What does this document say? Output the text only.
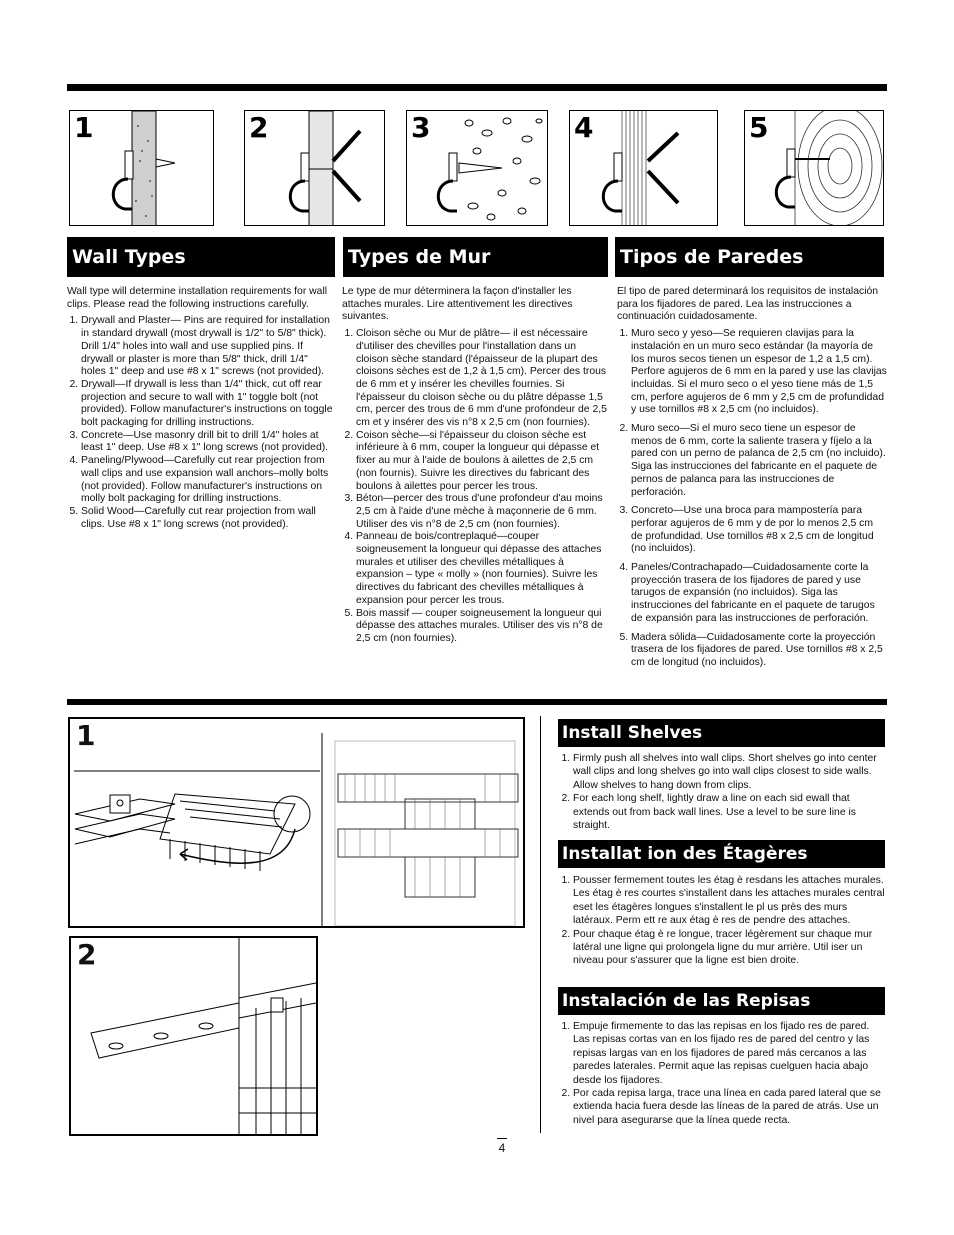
1	2	3	4	5
Wall Types	Types de Mur	Tipos de Paredes

Wall type will determine installation requirements for wall clips. Please read the following instructions carefully.

1. Drywall and Plaster— Pins are required for installation in standard drywall (most drywall is 1/2" to 5/8" thick). Drill 1/4" holes into wall and use supplied pins. If drywall or plaster is more than 5/8" thick, drill 1/4" holes 1" deep and use #8 x 1" screws (not provided).
2. Drywall—If drywall is less than 1/4" thick, cut off rear projection and secure to wall with 1" toggle bolt (not provided). Follow manufacturer's instructions on toggle bolt packaging for drilling instructions.
3. Concrete—Use masonry drill bit to drill 1/4" holes at least 1" deep. Use #8 x 1" long screws (not provided).
4. Paneling/Plywood—Carefully cut rear projection from wall clips and use expansion wall anchors–molly bolts (not provided). Follow manufacturer's instructions on molly bolt packaging for drilling instructions.
5. Solid Wood—Carefully cut rear projection from wall clips. Use #8 x 1" long screws (not provided).

Le type de mur déterminera la façon d'installer les attaches murales. Lire attentivement les directives suivantes.

1. Cloison sèche ou Mur de plâtre— il est nécessaire d'utiliser des chevilles pour l'installation dans un cloison sèche standard (l'épaisseur de la plupart des cloisons sèches est de 1,2 à 1,5 cm). Percer des trous de 6 mm et y insérer les chevilles fournies. Si l'épaisseur du cloison sèche ou du plâtre dépasse 1,5 cm, percer des trous de 6 mm d'une profondeur de 2,5 cm et y insérer des vis n°8 x 2,5 cm (non fournies).
2. Coison sèche—si l'épaisseur du cloison sèche est inférieure à 6 mm, couper la longueur qui dépasse et fixer au mur à l'aide de boulons à ailettes de 2,5 cm (non fournis). Suivre les directives du fabricant des boulons à ailettes pour percer les trous.
3. Béton—percer des trous d'une profondeur d'au moins 2,5 cm à l'aide d'une mèche à maçonnerie de 6 mm. Utiliser des vis n°8 de 2,5 cm (non fournies).
4. Panneau de bois/contreplaqué—couper soigneusement la longueur qui dépasse des attaches murales et utiliser des chevilles métalliques à expansion – type « molly » (non fournies). Suivre les directives du fabricant des chevilles métalliques à expansion pour percer les trous.
5. Bois massif — couper soigneusement la longueur qui dépasse des attaches murales. Utiliser des vis n°8 de 2,5 cm (non fournies).

El tipo de pared determinará los requisitos de instalación para los fijadores de pared. Lea las instrucciones a continuación cuidadosamente.

1. Muro seco y yeso—Se requieren clavijas para la instalación en un muro seco estándar (la mayoría de los muros secos tienen un espesor de 1,2 a 1,5 cm). Perfore agujeros de 6 mm en la pared y use las clavijas incluidas. Si el muro seco o el yeso tiene más de 1,5 cm, perfore agujeros de 6 mm y 2,5 cm de profundidad y use tornillos #8 x 2,5 cm (no incluidos).
2. Muro seco—Si el muro seco tiene un espesor de menos de 6 mm, corte la saliente trasera y fíjelo a la pared con un perno de palanca de 2,5 cm (no incluido). Siga las instrucciones del fabricante en el paquete de pernos de palanca para las instrucciones de perforación.
3. Concreto—Use una broca para mampostería para perforar agujeros de 6 mm y de por lo menos 2,5 cm de profundidad. Use tornillos #8 x 2,5 cm de longitud (no incluidos).
4. Paneles/Contrachapado—Cuidadosamente corte la proyección trasera de los fijadores de pared y use tarugos de expansión (no incluidos). Siga las instrucciones del fabricante en el paquete de tarugos de expansión para las instrucciones de perforación.
5. Madera sólida—Cuidadosamente corte la proyección trasera de los fijadores de pared. Use tornillos #8 x 2,5 cm de longitud (no incluidos).
1
2
Install Shelves
1. Firmly push all shelves into wall clips. Short shelves go into center wall clips and long shelves go into wall clips closest to side walls. Allow shelves to hang down from clips.
2. For each long shelf, lightly draw a line on each sid ewall that extends out from back wall lines. Use a level to be sure line is straight.
Installat ion des Étagères
1. Pousser fermement toutes les étag è resdans les attaches murales. Les étag è res courtes s'installent dans les attaches murales central eset les étagères longues s'installent le pl us près des murs latéraux. Perm ett re aux étag è res de pendre des attaches.
2. Pour chaque étag è re longue, tracer légèrement sur chaque mur latéral une ligne qui prolongela ligne du mur arrière. Util iser un niveau pour s'assurer que la ligne est bien droite.
Instalación de las Repisas
1. Empuje firmemente to das las repisas en los fijado res de pared. Las repisas cortas van en los fijado res de pared del centro y las repisas largas van en los fijadores de pared más cercanos a las paredes laterales. Permit aque las repisas cuelguen hacia abajo desde los fijadores.
2. Por cada repisa larga, trace una línea en cada pared lateral que se extienda hacia fuera desde las líneas de la pared de atrás. Use un nivel para asegurarse que la línea quede recta.
4
